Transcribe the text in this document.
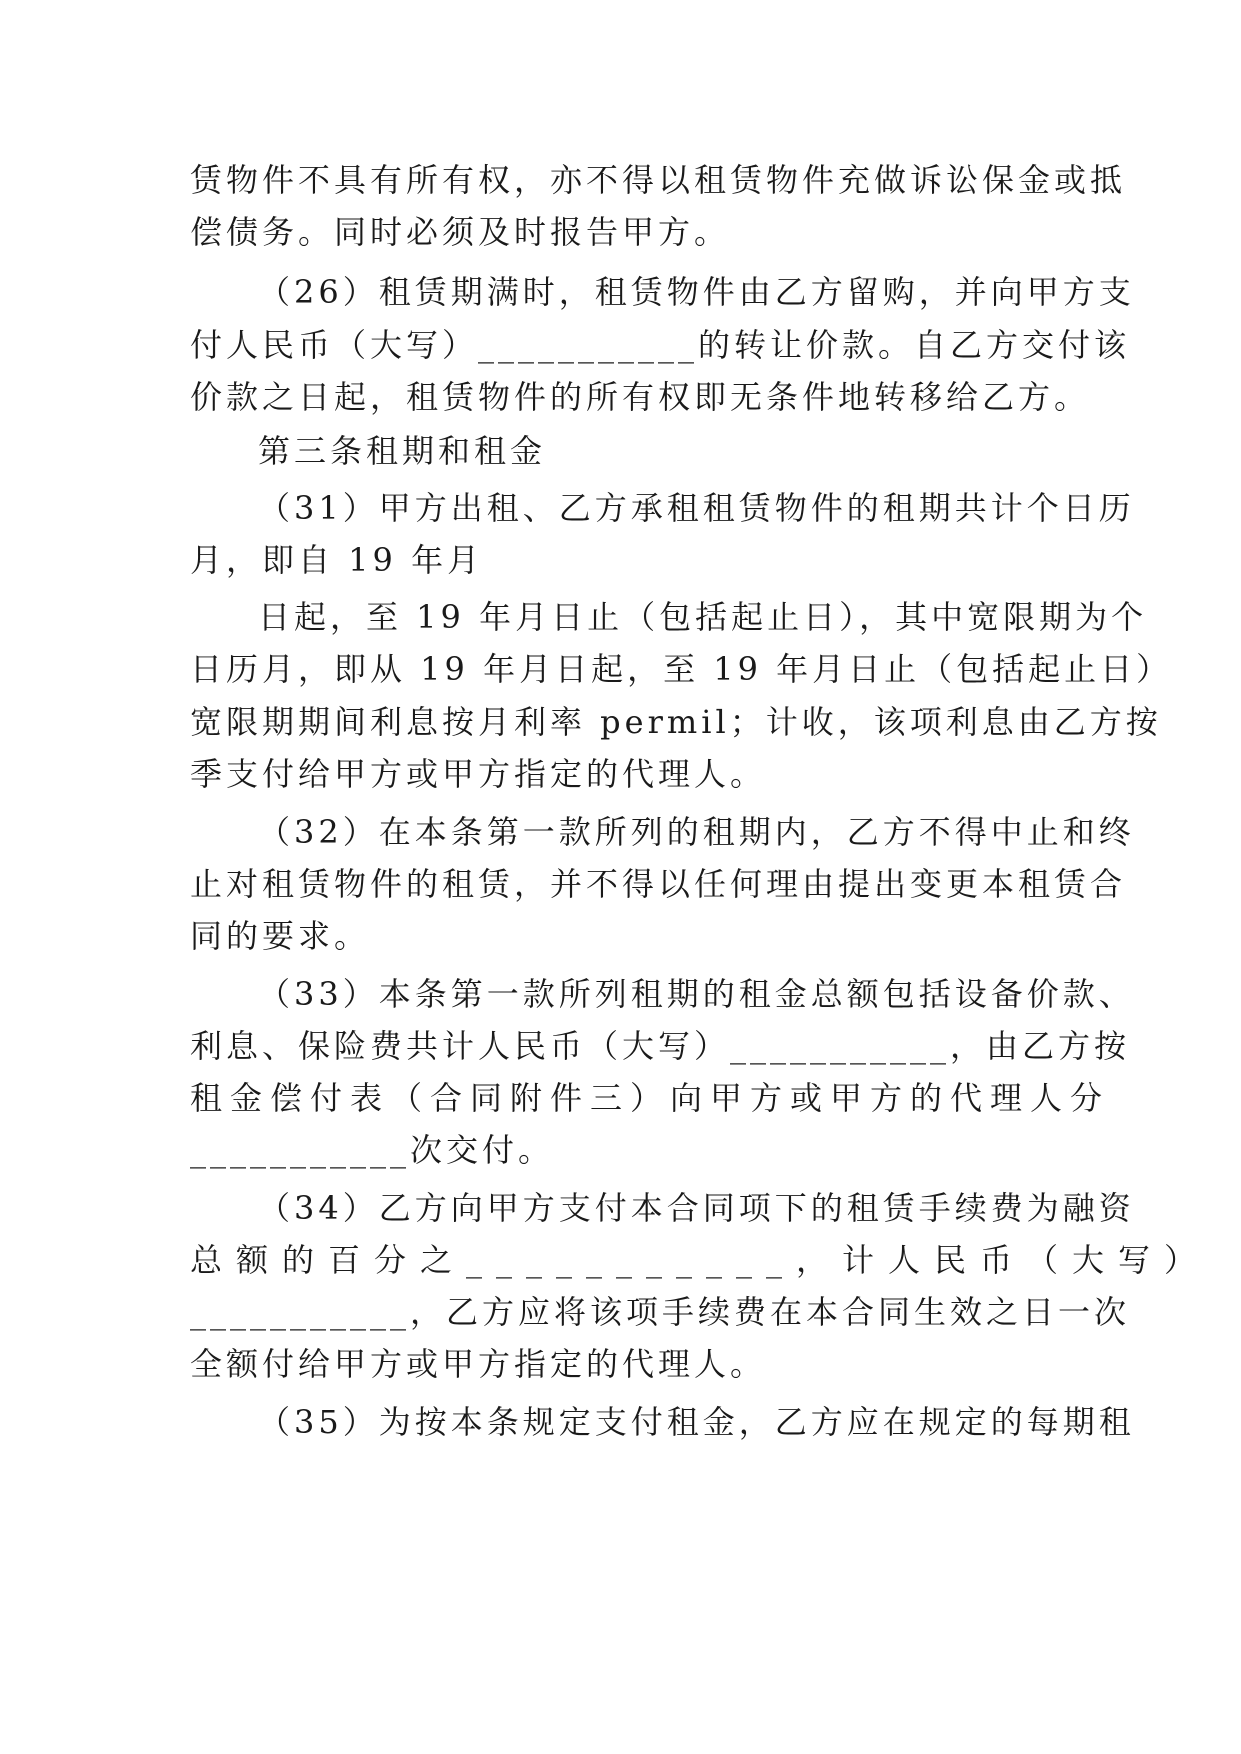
赁物件不具有所有权，亦不得以租赁物件充做诉讼保金或抵
偿债务。同时必须及时报告甲方。
（26）租赁期满时，租赁物件由乙方留购，并向甲方支
付人民币（大写）___________的转让价款。自乙方交付该
价款之日起，租赁物件的所有权即无条件地转移给乙方。
第三条租期和租金
（31）甲方出租、乙方承租租赁物件的租期共计个日历
月，即自 19 年月
日起，至 19 年月日止（包括起止日），其中宽限期为个
日历月，即从 19 年月日起，至 19 年月日止（包括起止日）
宽限期期间利息按月利率 permil；计收，该项利息由乙方按
季支付给甲方或甲方指定的代理人。
（32）在本条第一款所列的租期内，乙方不得中止和终
止对租赁物件的租赁，并不得以任何理由提出变更本租赁合
同的要求。
（33）本条第一款所列租期的租金总额包括设备价款、
利息、保险费共计人民币（大写）___________，由乙方按
租金偿付表（合同附件三）向甲方或甲方的代理人分
___________次交付。
（34）乙方向甲方支付本合同项下的租赁手续费为融资
总额的百分之___________，计人民币（大写）
___________，乙方应将该项手续费在本合同生效之日一次
全额付给甲方或甲方指定的代理人。
（35）为按本条规定支付租金，乙方应在规定的每期租
